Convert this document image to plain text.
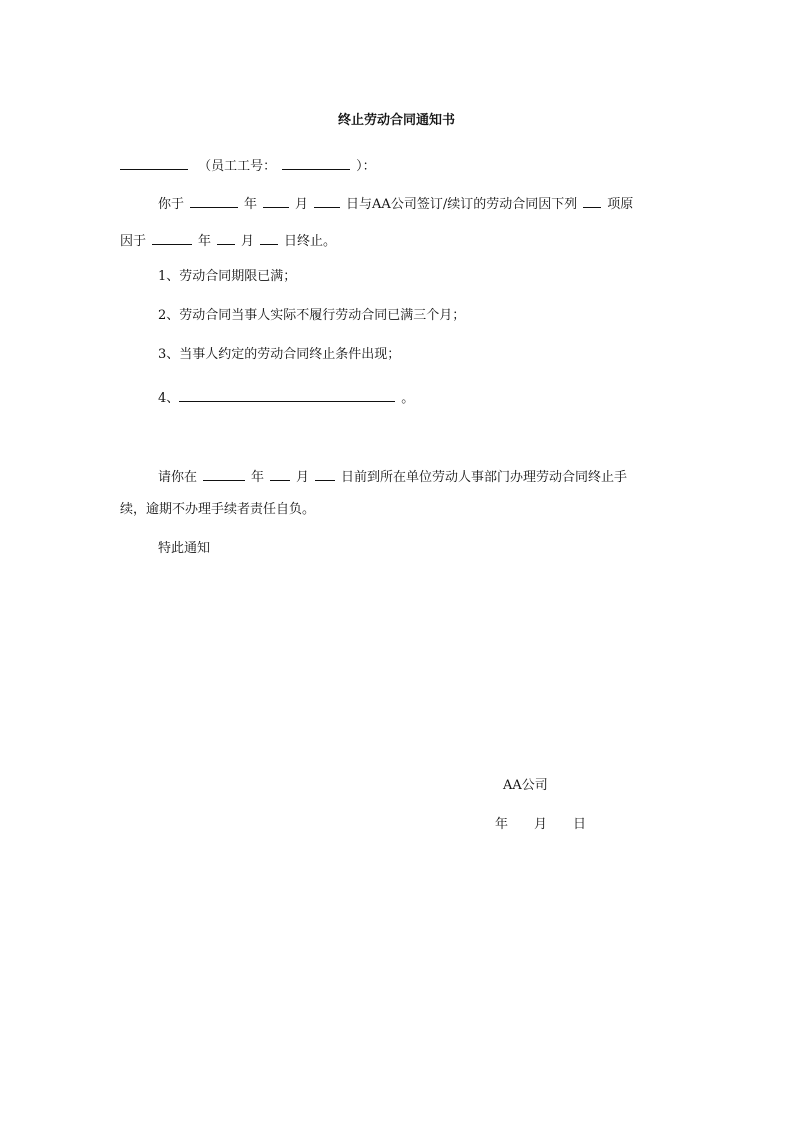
终止劳动合同通知书
（员工工号：	）：
你于	年	月	日与AA公司签订/续订的劳动合同因下列 项原
因于	年 月 日终止。
1、劳动合同期限已满；
2、劳动合同当事人实际不履行劳动合同已满三个月；
3、当事人约定的劳动合同终止条件出现；
4、	。
请你在	年 月 日前到所在单位劳动人事部门办理劳动合同终止手
续，逾期不办理手续者责任自负。
特此通知
AA公司
年 月 日
